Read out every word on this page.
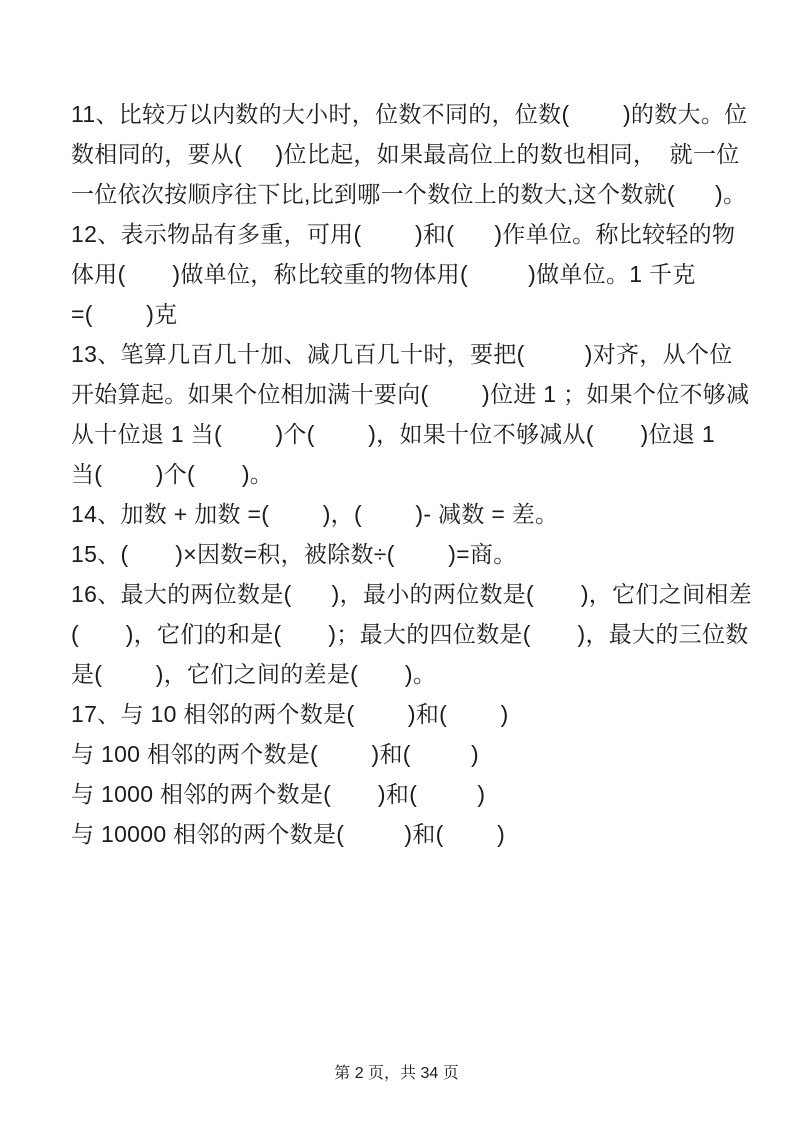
11、比较万以内数的大小时，位数不同的，位数(        )的数大。位
数相同的，要从(     )位比起，如果最高位上的数也相同，  就一位
一位依次按顺序往下比,比到哪一个数位上的数大,这个数就(      )。
12、表示物品有多重，可用(        )和(      )作单位。称比较轻的物
体用(       )做单位，称比较重的物体用(         )做单位。1 千克
=(        )克
13、笔算几百几十加、减几百几十时，要把(         )对齐，从个位
开始算起。如果个位相加满十要向(        )位进 1 ；如果个位不够减
从十位退 1 当(        )个(        )，如果十位不够减从(       )位退 1
当(        )个(       )。
14、加数 + 加数 =(        )，(        )- 减数 = 差。
15、(       )×因数=积，被除数÷(        )=商。
16、最大的两位数是(      )，最小的两位数是(       )，它们之间相差
(       )，它们的和是(       )；最大的四位数是(       )，最大的三位数
是(        )，它们之间的差是(       )。
17、与 10 相邻的两个数是(        )和(        )
与 100 相邻的两个数是(        )和(         )
与 1000 相邻的两个数是(       )和(         )
与 10000 相邻的两个数是(         )和(        )
第 2 页，共 34 页
